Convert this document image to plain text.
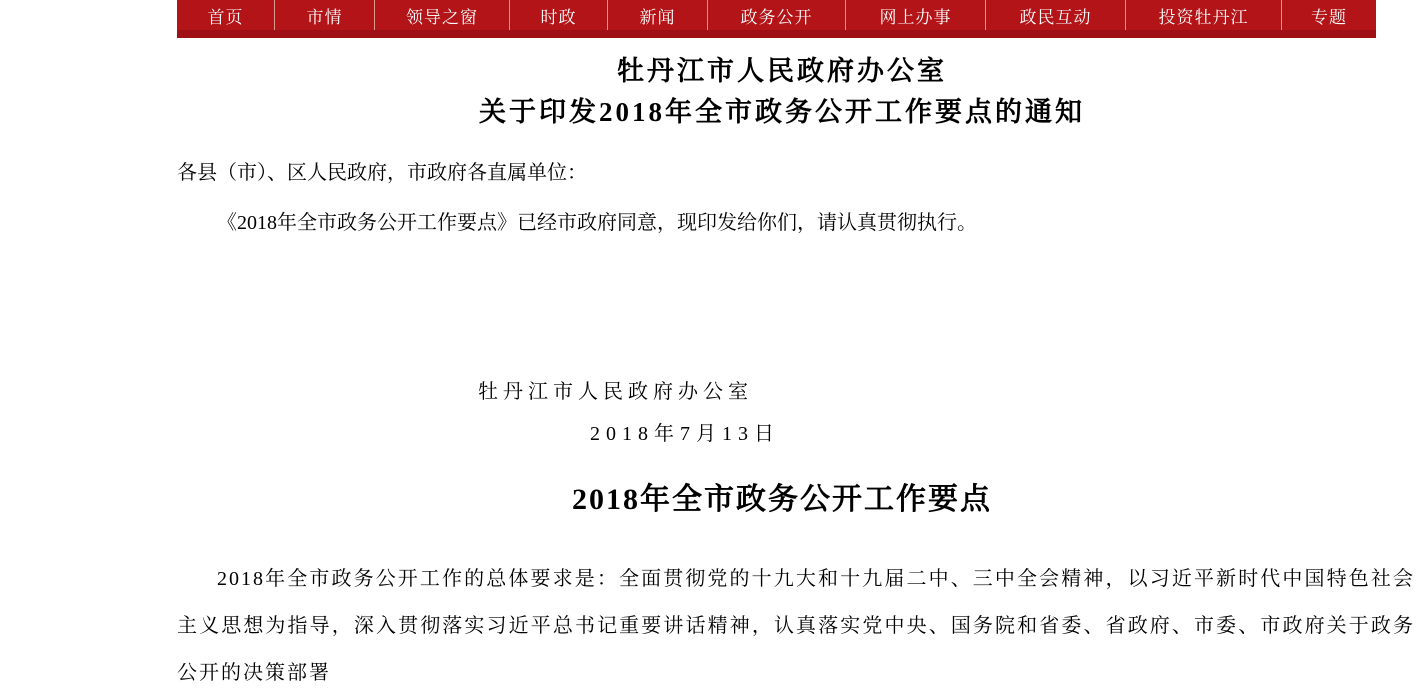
首页	市情	领导之窗	时政	新闻	政务公开	网上办事	政民互动	投资牡丹江	专题
牡丹江市人民政府办公室
关于印发2018年全市政务公开工作要点的通知

各县（市）、区人民政府，市政府各直属单位：

《2018年全市政务公开工作要点》已经市政府同意，现印发给你们，请认真贯彻执行。

牡丹江市人民政府办公室
2018年7月13日
2018年全市政务公开工作要点

2018年全市政务公开工作的总体要求是：全面贯彻党的十九大和十九届二中、三中全会精神，以习近平新时代中国特色社会主义思想为指导，深入贯彻落实习近平总书记重要讲话精神，认真落实党中央、国务院和省委、省政府、市委、市政府关于政务公开的决策部署
